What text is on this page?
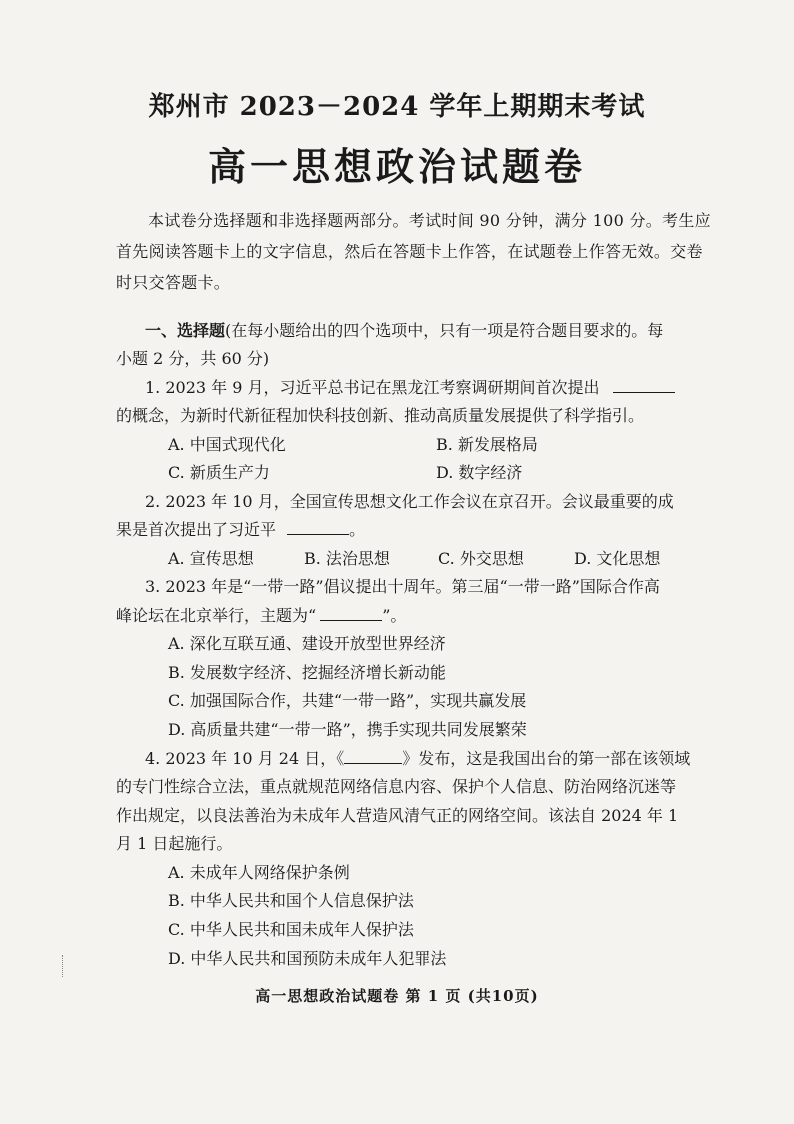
郑州市 2023－2024 学年上期期末考试
高一思想政治试题卷
本试卷分选择题和非选择题两部分。考试时间 90 分钟，满分 100 分。考生应首先阅读答题卡上的文字信息，然后在答题卡上作答，在试题卷上作答无效。交卷时只交答题卡。
一、选择题(在每小题给出的四个选项中，只有一项是符合题目要求的。每
小题 2 分，共 60 分)
1. 2023 年 9 月，习近平总书记在黑龙江考察调研期间首次提出
的概念，为新时代新征程加快科技创新、推动高质量发展提供了科学指引。
A. 中国式现代化	B. 新发展格局
C. 新质生产力	D. 数字经济
2. 2023 年 10 月，全国宣传思想文化工作会议在京召开。会议最重要的成
果是首次提出了习近平	。
A. 宣传思想	B. 法治思想	C. 外交思想	D. 文化思想
3. 2023 年是“一带一路”倡议提出十周年。第三届“一带一路”国际合作高
峰论坛在北京举行，主题为“	”。
A. 深化互联互通、建设开放型世界经济
B. 发展数字经济、挖掘经济增长新动能
C. 加强国际合作，共建“一带一路”，实现共赢发展
D. 高质量共建“一带一路”，携手实现共同发展繁荣
4. 2023 年 10 月 24 日，《	》发布，这是我国出台的第一部在该领域
的专门性综合立法，重点就规范网络信息内容、保护个人信息、防治网络沉迷等
作出规定，以良法善治为未成年人营造风清气正的网络空间。该法自 2024 年 1
月 1 日起施行。
A. 未成年人网络保护条例
B. 中华人民共和国个人信息保护法
C. 中华人民共和国未成年人保护法
D. 中华人民共和国预防未成年人犯罪法
高一思想政治试题卷 第 1 页 (共10页)
